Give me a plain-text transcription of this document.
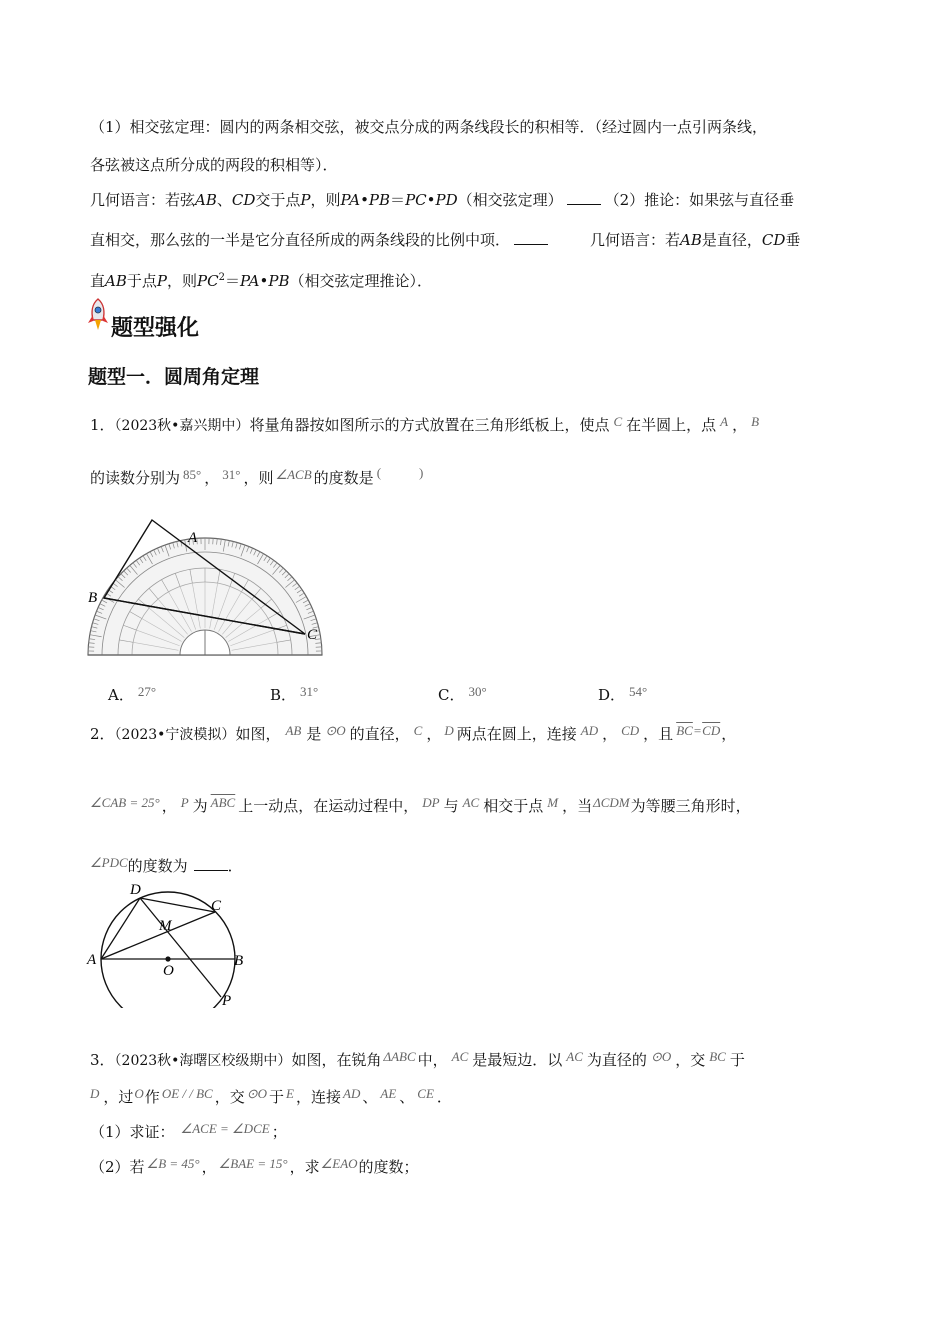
（1）相交弦定理：圆内的两条相交弦，被交点分成的两条线段长的积相等．（经过圆内一点引两条线，
各弦被这点所分成的两段的积相等）．
几何语言：若弦AB、CD交于点P，则PA•PB＝PC•PD（相交弦定理）	（2）推论：如果弦与直径垂
直相交，那么弦的一半是它分直径所成的两条线段的比例中项．	几何语言：若AB是直径，CD垂
直AB于点P，则$PC^2=PA•PB$（相交弦定理推论）．
题型强化
题型一．圆周角定理
1．（2023秋•嘉兴期中）将量角器按如图所示的方式放置在三角形纸板上，使点 C 在半圆上，点 A ， B
的读数分别为 85° ， 31° ，则 ∠ACB 的度数是 (	)
A
B
C
A． 27°	B． 31°	C． 30°	D． 54°
2．（2023•宁波模拟）如图， AB 是 ⊙O 的直径， C ， D 两点在圆上，连接 AD ， CD ，且 $\overline{BC}=\overline{CD}$，
∠CAB = 25° ， P 为 $\overline{ABC}$ 上一动点，在运动过程中， DP 与 AC 相交于点 M ，当ΔCDM为等腰三角形时，
∠PDC的度数为	．
D
C
M
A	B
O
P
3．（2023秋•海曙区校级期中）如图，在锐角 ΔABC 中， AC 是最短边．以 AC 为直径的 ⊙O ，交 BC 于
D ，过O作 OE / / BC ，交 ⊙O 于 E ，连接 AD 、 AE 、 CE ．
（1）求证： ∠ACE = ∠DCE ；
（2）若 ∠B = 45° ， ∠BAE = 15° ，求∠EAO的度数；
